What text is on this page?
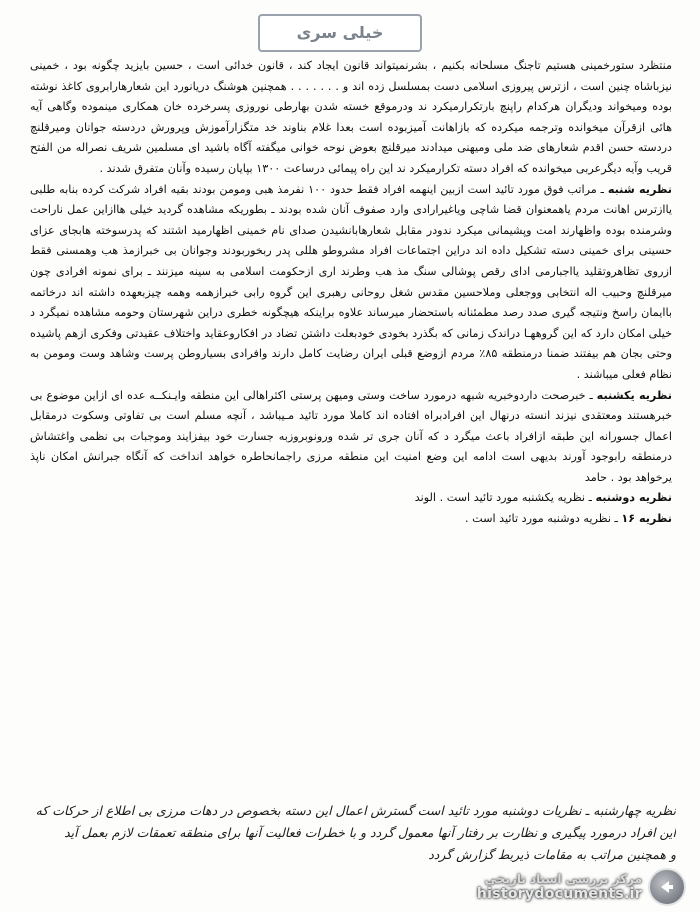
خیلی سری

منتظرد ستورخمینی هستیم تاجنگ مسلحانه بکنیم ، بشرنمیتواند قانون ایجاد کند ، قانون خدائی است ، حسین بایزید چگونه بود ، خمینی نیزباشاه چنین است ، ازترس پیروزی اسلامی دست بمسلسل زده اند و . . . . . . . همچنین هوشنگ دریانورد این شعارهارابروی کاغذ نوشته بوده ومیخواند ودیگران هرکدام راپنچ بارتکرارمیکرد ند ودرموقع خسته شدن بهارطی نوروزی پسرخرده خان همکاری مینموده وگاهی آیه هائی ازقرآن میخوانده وترجمه میکرده که بازاهانت آمیزبوده است بعدا غلام بناوند خد متگزارآموزش وپرورش دردسته جوانان ومیرقلنچ دردسته حسن اقدم شعارهای ضد ملی ومیهنی میدادند میرقلنچ بعوض نوحه خوانی میگفته آگاه باشید ای مسلمین شریف نصراله من الفتح قریب وآیه دیگرعربی میخوانده که افراد دسته تکرارمیکرد ند این راه پیمائی درساعت ۱۳۰۰ بپایان رسیده وآنان متفرق شدند .

نظریه شنبه ـ مراتب فوق مورد تائید است ازبین اینهمه افراد فقط حدود ۱۰۰ نفرمذ هبی ومومن بودند بقیه افراد شرکت کرده بنابه طلبی یاازترس اهانت مردم یاهمعنوان قضا شاچی ویاغیرارادی وارد صفوف آنان شده بودند ـ بطوریکه مشاهده گردید خیلی هاازاین عمل ناراحت وشرمنده بوده واظهارند امت وپشیمانی میکرد ندودر مقابل شعارهابانشیدن صدای نام خمینی اظهارمید اشتند که پدرسوخته هابجای عزای حسینی برای خمینی دسته تشکیل داده اند دراین اجتماعات افراد مشروطو هللی پدر ربخوربودند وجوانان بی خبرازمذ هب وهمسنی فقط ازروی تظاهروتقلید یااجبارمی ادای رقص پوشالی سنگ مذ هب وطرند اری ازحکومت اسلامی به سینه میزنند ـ برای نمونه افرادی چون میرقلنچ وحبیب اله انتخابی ووجعلی وملاحسین مقدس شغل روحانی رهبری این گروه رابی خبرازهمه وهمه چیزبعهده داشته اند درخاتمه باایمان راسخ ونتیجه گیری صدد رصد مطمئنانه باستحضار میرساند علاوه براینکه هیچگونه خطری دراین شهرستان وحومه مشاهده نمیگرد د خیلی امکان دارد که این گروههـا دراندک زمانی که بگذرد بخودی خودبعلت داشتن تضاد در افکاروعقاید واختلاف عقیدتی وفکری ازهم پاشیده وحتی بجان هم بیفتند ضمنا درمنطقه ۸۵٪ مردم ازوضع قبلی ایران رضایت کامل دارند وافرادی بسیاروطن پرست وشاهد وست ومومن به نظام فعلی میباشند .

نظریه یکشنبه ـ خبرصحت داردوخبریه شبهه درمورد ساخت وستی ومیهن پرستی اکثراهالی این منطقه وایـنکــه عده ای ازاین موضوع بی خبرهستند ومعتقدی نیزند انسته درنهال این افرادبراه افتاده اند کاملا مورد تائید مـیباشد ، آنچه مسلم است بی تفاوتی وسکوت درمقابل اعمال جسورانه این طبقه ازافراد باعث میگرد د که آنان جری تر شده ورونوبروزبه جسارت خود بیفزایند وموجبات بی نظمی واغتشاش درمنطقه رابوجود آورند بدیهی است ادامه این وضع امنیت این منطقه مرزی راجمانحاطره خواهد انداخت که آنگاه جبرانش امکان ناپذ یرخواهد بود . حامد

نظریه دوشنبه ـ نظریه یکشنبه مورد تائید است . الوند

نظریه ۱۶ ـ نظریه دوشنبه مورد تائید است .

نظریه چهارشنبه ـ نظریات دوشنبه مورد تائید است گسترش اعمال این دسته بخصوص در دهات مرزی بی اطلاع از حرکات که
این افراد درمورد پیگیری و نظارت بر رفتار آنها معمول گردد و با خطرات فعالیت آنها برای منطقه تعمقات لازم بعمل آید
و همچنین مراتب به مقامات ذیربط گزارش گردد
مرکز بررسی اسناد تاریخی
historydocuments.ir
